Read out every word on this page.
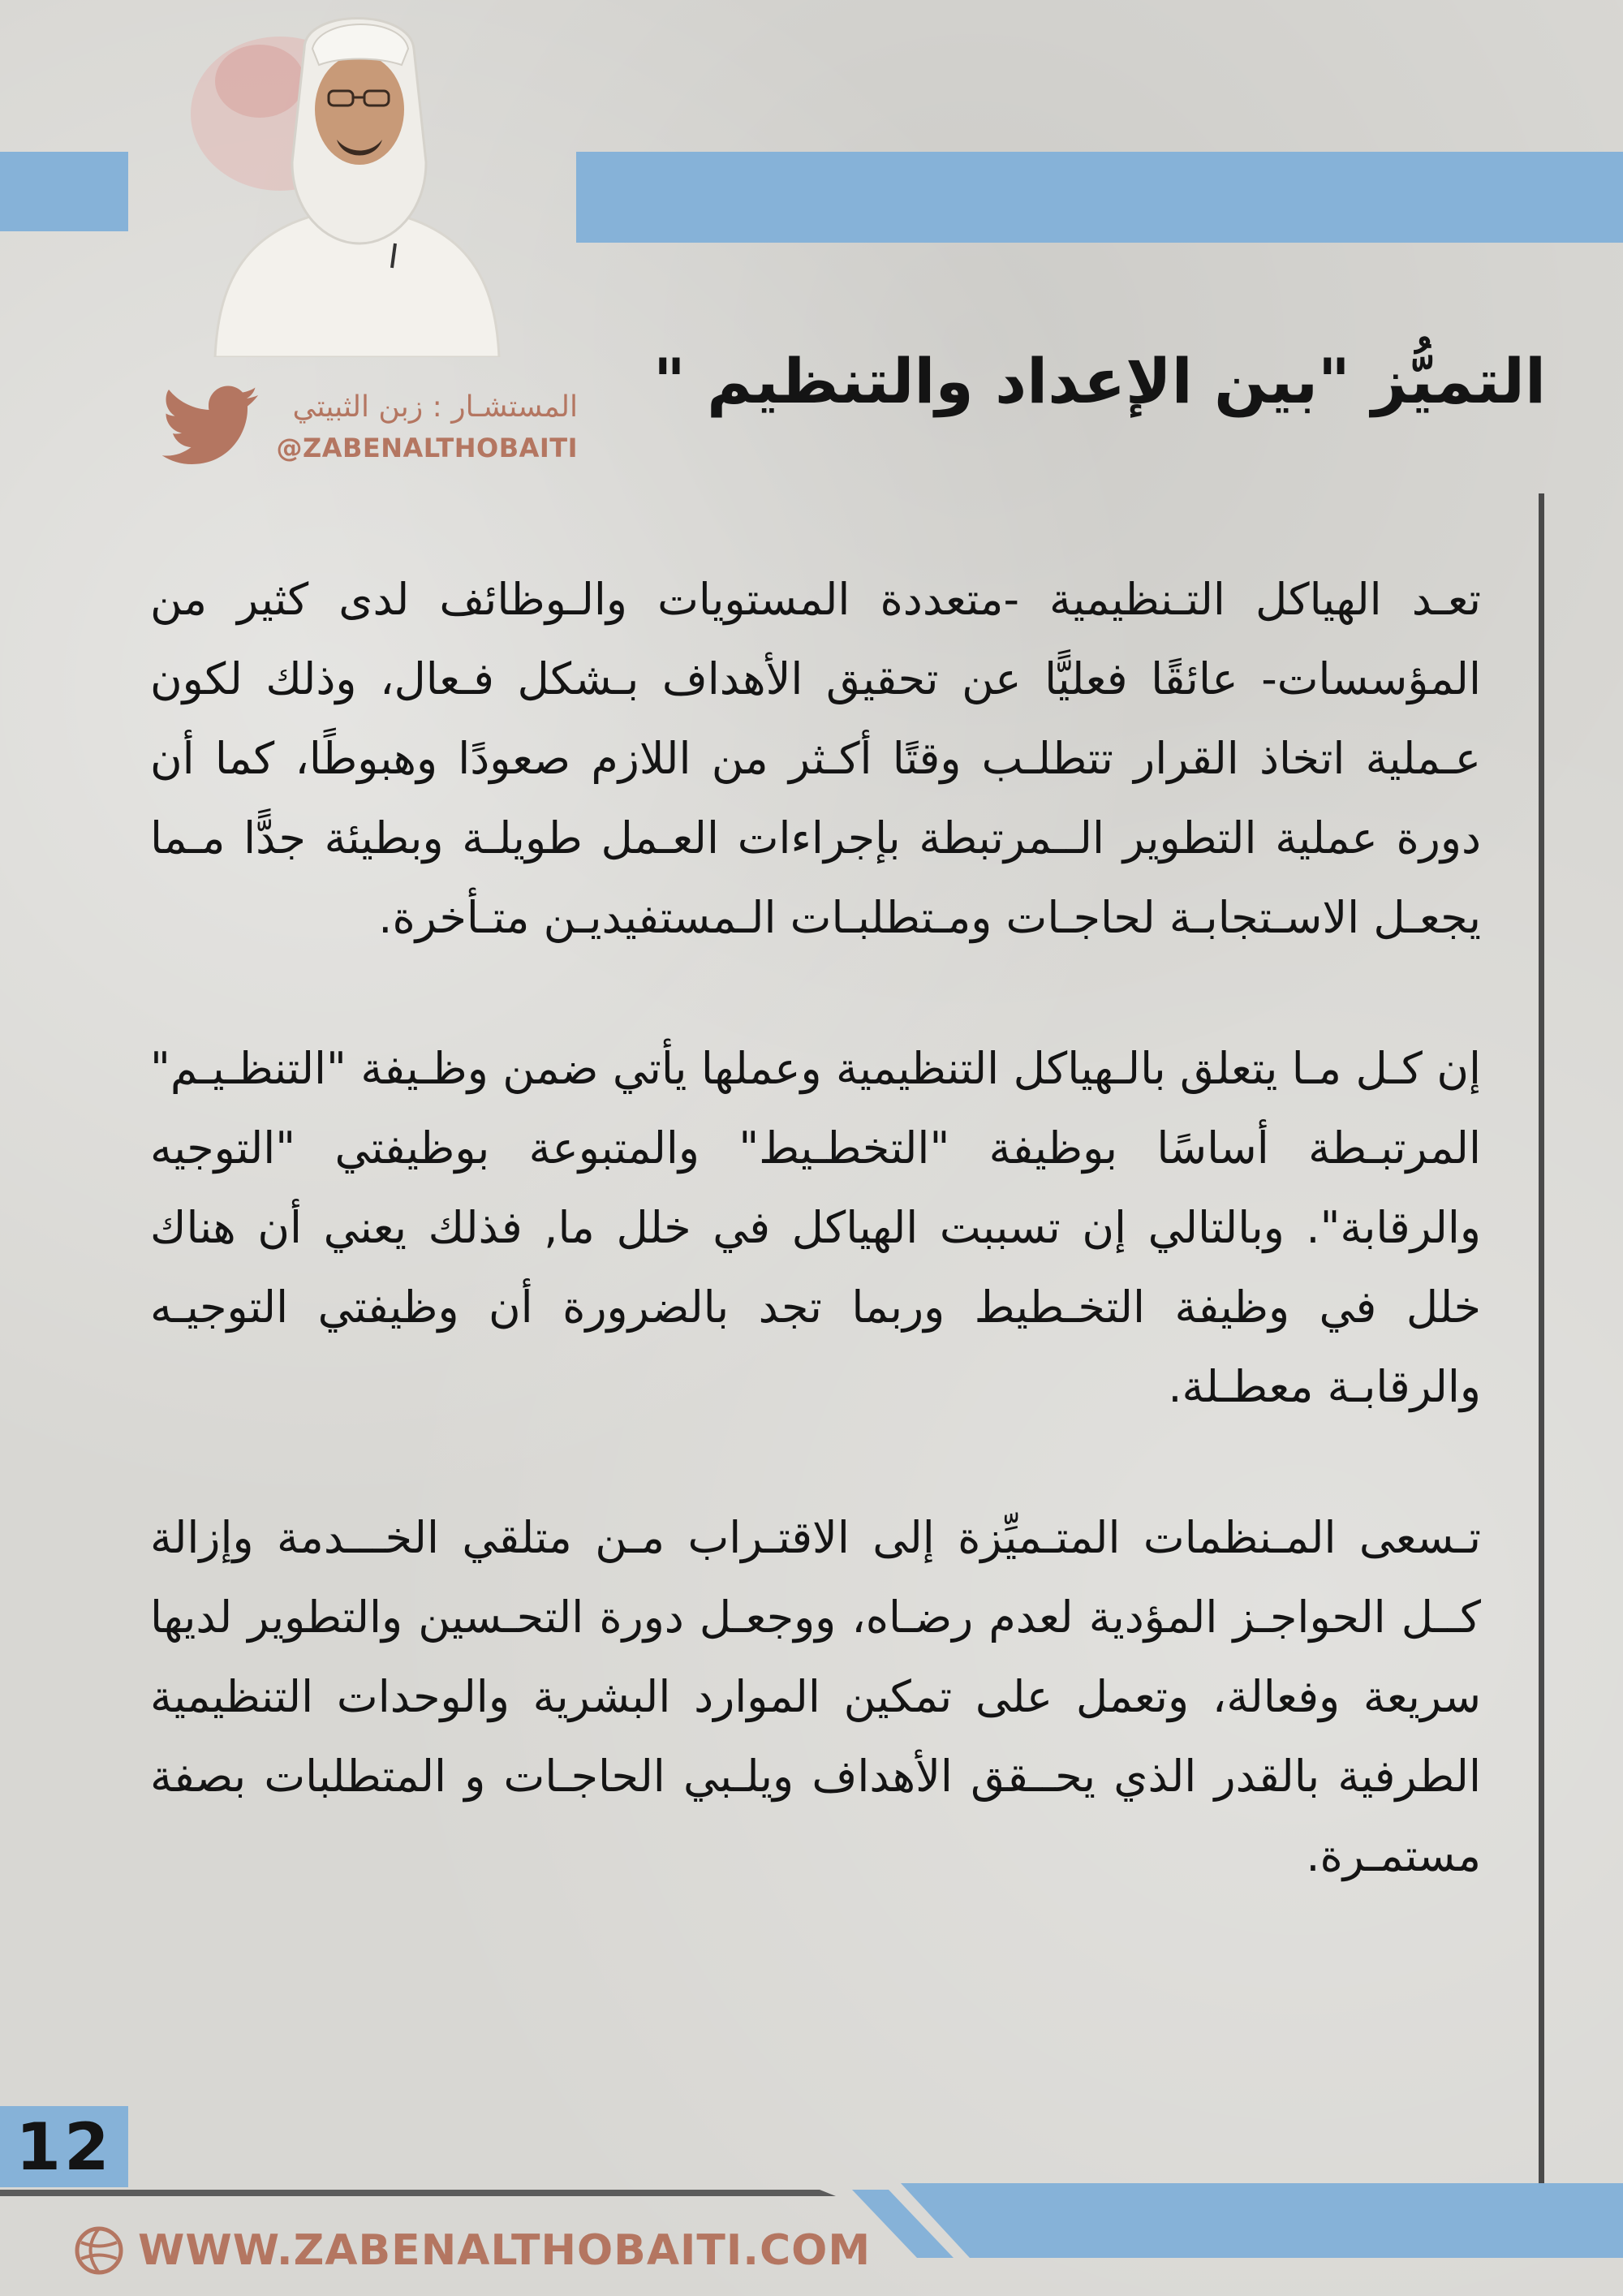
المستشـار : زبن الثبيتي
@ZABENALTHOBAITI
التميُّز "بين الإعداد والتنظيم "

تعـد الهياكل التـنظيمية -متعددة المستويات والـوظائف لدى كثير من المؤسسات- عائقًا فعليًّا عن تحقيق الأهداف بـشكل فـعال، وذلك لكون عـملية اتخاذ القرار تتطلـب وقتًا أكـثر من اللازم صعودًا وهبوطًا، كما أن دورة عملية التطوير الــمرتبطة بإجراءات العـمل طويلـة وبطيئة جدًّا مـما يجعـل الاسـتجابـة لحاجـات ومـتطلبـات الـمستفيديـن متـأخرة.

إن كـل مـا يتعلق بالـهياكل التنظيمية وعملها يأتي ضمن وظـيفة "التنظـيـم" المرتبـطة أساسًا بوظيفة "التخطـيط" والمتبوعة بوظيفتي "التوجيه والرقابة". وبالتالي إن تسببت الهياكل في خلل ما, فذلك يعني أن هناك خلل في وظيفة التخـطيط وربما تجد بالضرورة أن وظيفتي التوجيـه والرقابـة معطـلة.

تـسعى المـنظمات المتـميِّزة إلى الاقتـراب مـن متلقي الخـــدمة وإزالة كــل الحواجـز المؤدية لعدم رضـاه، ووجعـل دورة التحـسين والتطوير لديها سريعة وفعالة، وتعمل على تمكين الموارد البشرية والوحدات التنظيمية الطرفية بالقدر الذي يحــقق الأهداف ويلـبي الحاجـات و المتطلبات بصفة مستمـرة.

12
WWW.ZABENALTHOBAITI.COM
